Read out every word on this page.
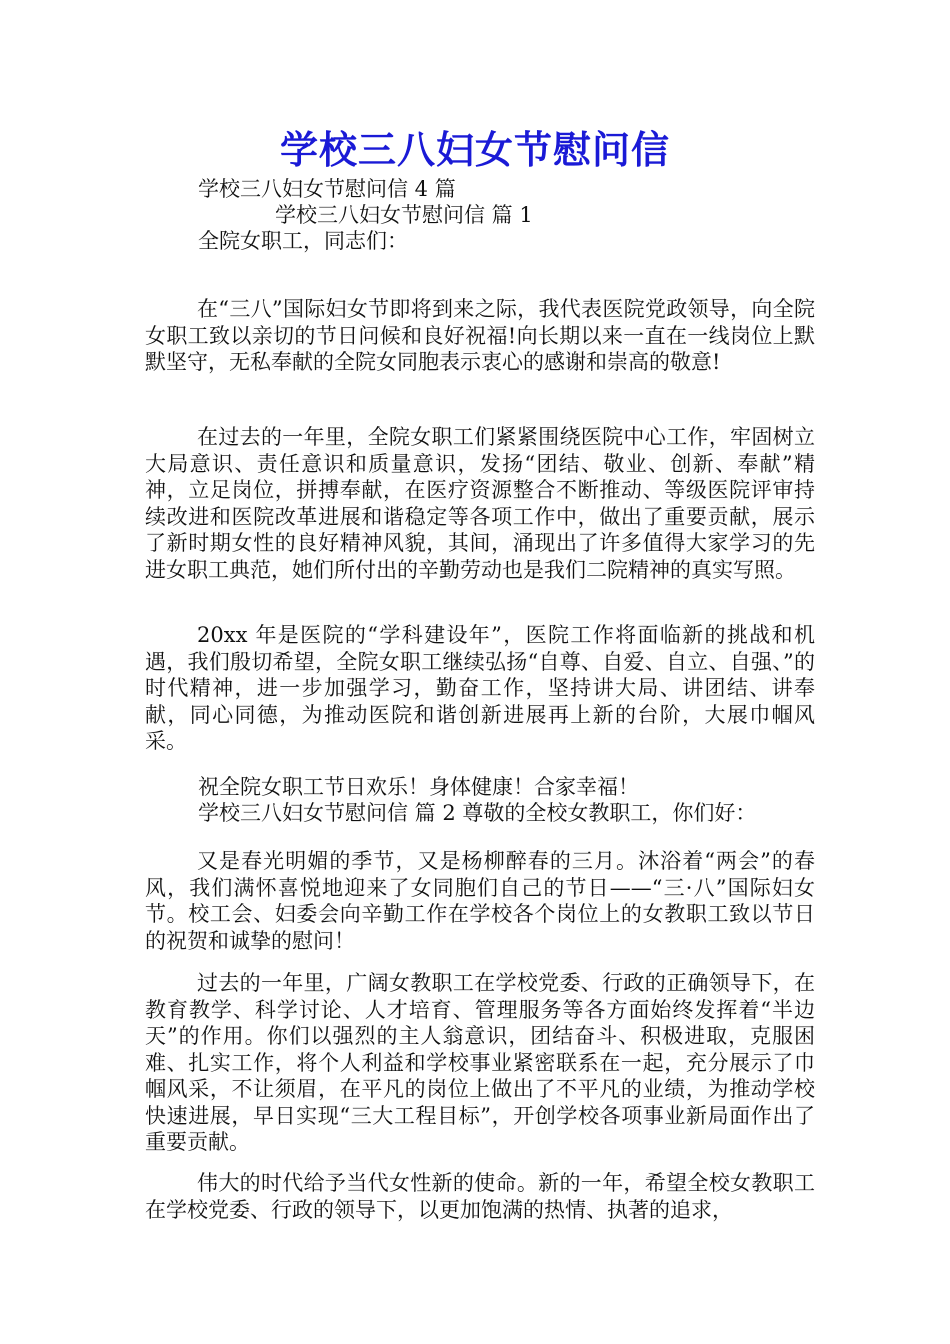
学校三八妇女节慰问信
学校三八妇女节慰问信 4 篇
学校三八妇女节慰问信 篇 1
全院女职工，同志们：
在“三八”国际妇女节即将到来之际，我代表医院党政领导，向全院女职工致以亲切的节日问候和良好祝福!向长期以来一直在一线岗位上默默坚守，无私奉献的全院女同胞表示衷心的感谢和崇高的敬意!
在过去的一年里，全院女职工们紧紧围绕医院中心工作，牢固树立大局意识、责任意识和质量意识，发扬“团结、敬业、创新、奉献”精神，立足岗位，拼搏奉献，在医疗资源整合不断推动、等级医院评审持续改进和医院改革进展和谐稳定等各项工作中，做出了重要贡献，展示了新时期女性的良好精神风貌，其间，涌现出了许多值得大家学习的先进女职工典范，她们所付出的辛勤劳动也是我们二院精神的真实写照。
20xx 年是医院的“学科建设年”，医院工作将面临新的挑战和机遇，我们殷切希望，全院女职工继续弘扬“自尊、自爱、自立、自强、”的时代精神，进一步加强学习，勤奋工作，坚持讲大局、讲团结、讲奉献，同心同德，为推动医院和谐创新进展再上新的台阶，大展巾帼风采。
祝全院女职工节日欢乐！身体健康！合家幸福！
学校三八妇女节慰问信 篇 2 尊敬的全校女教职工，你们好：
又是春光明媚的季节，又是杨柳醉春的三月。沐浴着“两会”的春风，我们满怀喜悦地迎来了女同胞们自己的节日——“三·八”国际妇女节。校工会、妇委会向辛勤工作在学校各个岗位上的女教职工致以节日的祝贺和诚挚的慰问！
过去的一年里，广阔女教职工在学校党委、行政的正确领导下，在教育教学、科学讨论、人才培育、管理服务等各方面始终发挥着“半边天”的作用。你们以强烈的主人翁意识，团结奋斗、积极进取，克服困难、扎实工作，将个人利益和学校事业紧密联系在一起，充分展示了巾帼风采，不让须眉，在平凡的岗位上做出了不平凡的业绩，为推动学校快速进展，早日实现“三大工程目标”，开创学校各项事业新局面作出了重要贡献。
伟大的时代给予当代女性新的使命。新的一年，希望全校女教职工在学校党委、行政的领导下，以更加饱满的热情、执著的追求，
